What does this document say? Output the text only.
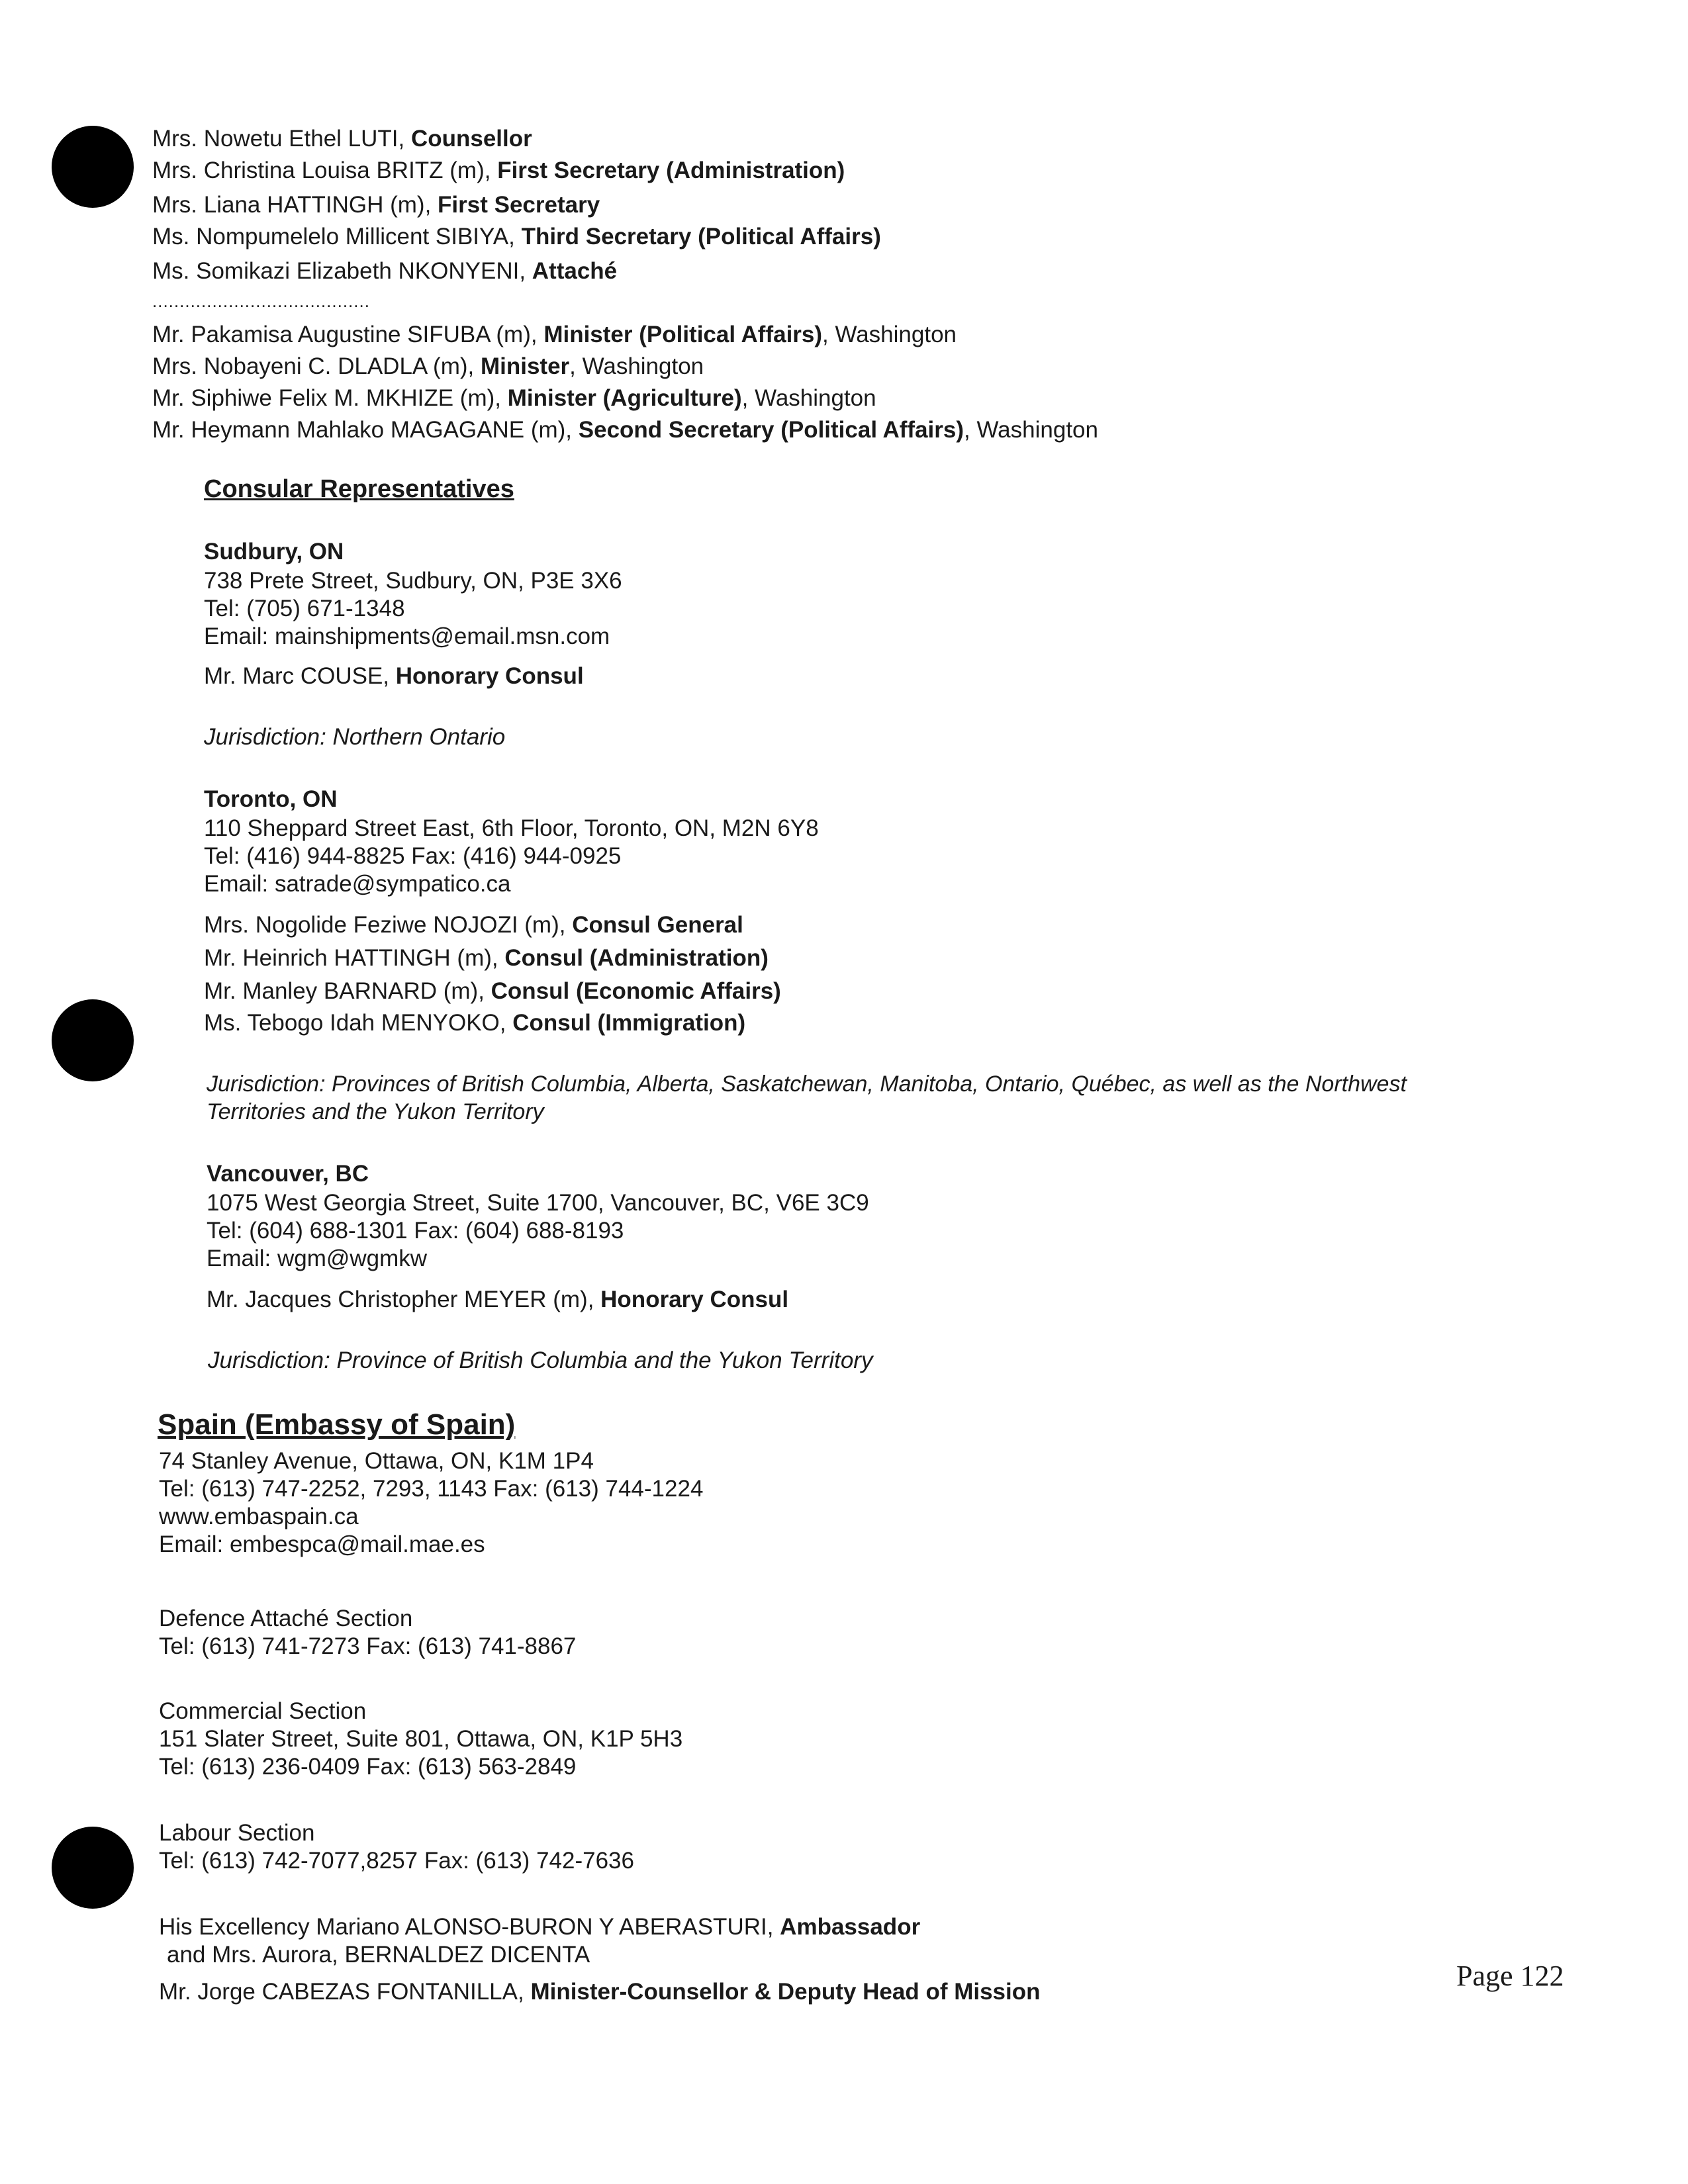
Mrs. Nowetu Ethel LUTI, Counsellor
Mrs. Christina Louisa BRITZ (m), First Secretary (Administration)
Mrs. Liana HATTINGH (m), First Secretary
Ms. Nompumelelo Millicent SIBIYA, Third Secretary (Political Affairs)
Ms. Somikazi Elizabeth NKONYENI, Attaché
........................................
Mr. Pakamisa Augustine SIFUBA (m), Minister (Political Affairs), Washington
Mrs. Nobayeni C. DLADLA (m), Minister, Washington
Mr. Siphiwe Felix M. MKHIZE (m), Minister (Agriculture), Washington
Mr. Heymann Mahlako MAGAGANE (m), Second Secretary (Political Affairs), Washington
Consular Representatives
Sudbury, ON
738 Prete Street, Sudbury, ON, P3E 3X6
Tel: (705) 671-1348
Email: mainshipments@email.msn.com
Mr. Marc COUSE, Honorary Consul
Jurisdiction: Northern Ontario
Toronto, ON
110 Sheppard Street East, 6th Floor, Toronto, ON, M2N 6Y8
Tel: (416) 944-8825 Fax: (416) 944-0925
Email: satrade@sympatico.ca
Mrs. Nogolide Feziwe NOJOZI (m), Consul General
Mr. Heinrich HATTINGH (m), Consul (Administration)
Mr. Manley BARNARD (m), Consul (Economic Affairs)
Ms. Tebogo Idah MENYOKO, Consul (Immigration)
Jurisdiction: Provinces of British Columbia, Alberta, Saskatchewan, Manitoba, Ontario, Québec, as well as the Northwest
Territories and the Yukon Territory
Vancouver, BC
1075 West Georgia Street, Suite 1700, Vancouver, BC, V6E 3C9
Tel: (604) 688-1301 Fax: (604) 688-8193
Email: wgm@wgmkw
Mr. Jacques Christopher MEYER (m), Honorary Consul
Jurisdiction: Province of British Columbia and the Yukon Territory
Spain (Embassy of Spain)
74 Stanley Avenue, Ottawa, ON, K1M 1P4
Tel: (613) 747-2252, 7293, 1143 Fax: (613) 744-1224
www.embaspain.ca
Email: embespca@mail.mae.es
Defence Attaché Section
Tel: (613) 741-7273 Fax: (613) 741-8867
Commercial Section
151 Slater Street, Suite 801, Ottawa, ON, K1P 5H3
Tel: (613) 236-0409 Fax: (613) 563-2849
Labour Section
Tel: (613) 742-7077,8257 Fax: (613) 742-7636
His Excellency Mariano ALONSO-BURON Y ABERASTURI, Ambassador
and Mrs. Aurora, BERNALDEZ DICENTA
Mr. Jorge CABEZAS FONTANILLA, Minister-Counsellor & Deputy Head of Mission	Page 122
